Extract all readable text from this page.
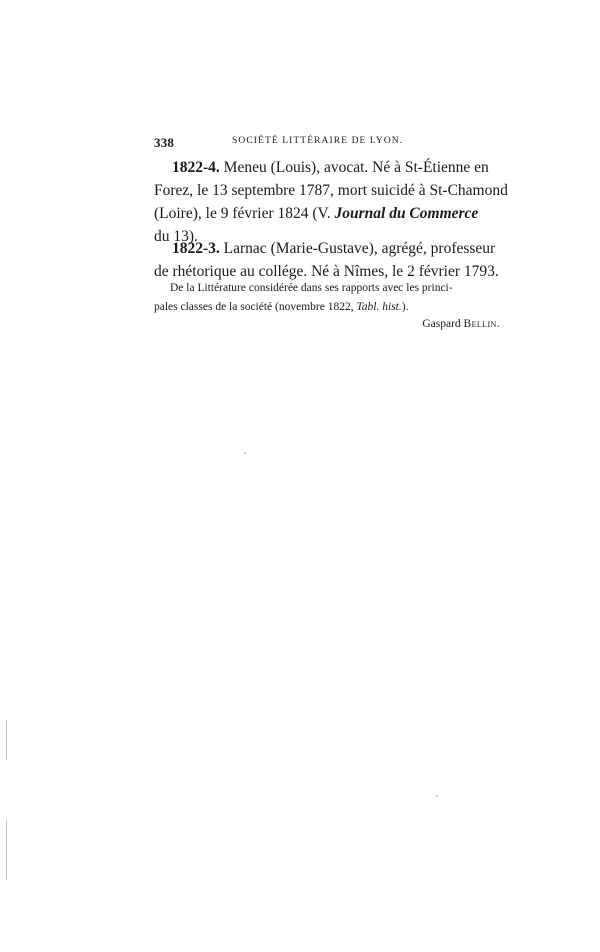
338	SOCIÉTÉ LITTÉRAIRE DE LYON.
1822-4. Meneu (Louis), avocat. Né à St-Étienne en
Forez, le 13 septembre 1787, mort suicidé à St-Chamond
(Loire), le 9 février 1824 (V. Journal du Commerce
du 13).
1822-3. Larnac (Marie-Gustave), agrégé, professeur
de rhétorique au collége. Né à Nîmes, le 2 février 1793.
De la Littérature considérée dans ses rapports avec les princi-
pales classes de la société (novembre 1822, Tabl. hist.).
Gaspard Bellin.
